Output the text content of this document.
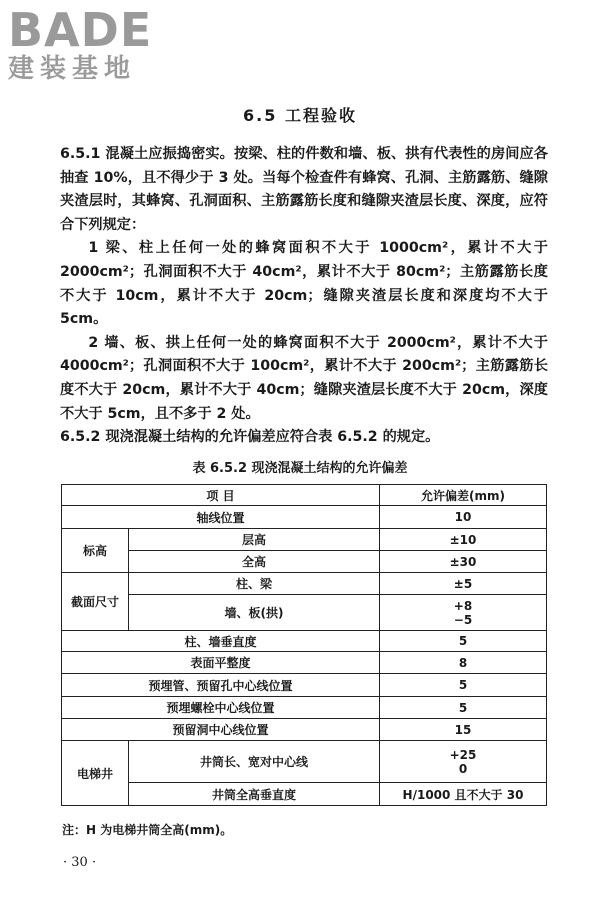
BADE
建装基地
6.5 工程验收

6.5.1 混凝土应振捣密实。按梁、柱的件数和墙、板、拱有代表性的房间应各抽查 10%，且不得少于 3 处。当每个检查件有蜂窝、孔洞、主筋露筋、缝隙夹渣层时，其蜂窝、孔洞面积、主筋露筋长度和缝隙夹渣层长度、深度，应符合下列规定：

1 梁、柱上任何一处的蜂窝面积不大于 1000cm²，累计不大于 2000cm²；孔洞面积不大于 40cm²，累计不大于 80cm²；主筋露筋长度不大于 10cm，累计不大于 20cm；缝隙夹渣层长度和深度均不大于 5cm。

2 墙、板、拱上任何一处的蜂窝面积不大于 2000cm²，累计不大于 4000cm²；孔洞面积不大于 100cm²，累计不大于 200cm²；主筋露筋长度不大于 20cm，累计不大于 40cm；缝隙夹渣层长度不大于 20cm，深度不大于 5cm，且不多于 2 处。

6.5.2 现浇混凝土结构的允许偏差应符合表 6.5.2 的规定。

表 6.5.2 现浇混凝土结构的允许偏差
项 目		允许偏差(mm)
轴线位置		10
标高	层高	±10
	全高	±30
截面尺寸	柱、梁	±5
	墙、板(拱)	+8
−5

柱、墙垂直度		5
表面平整度		8
预埋管、预留孔中心线位置		5
预埋螺栓中心线位置		5
预留洞中心线位置		15
电梯井	井筒长、宽对中心线	+25
0

	井筒全高垂直度	H/1000 且不大于 30
注：H 为电梯井筒全高(mm)。
· 30 ·
